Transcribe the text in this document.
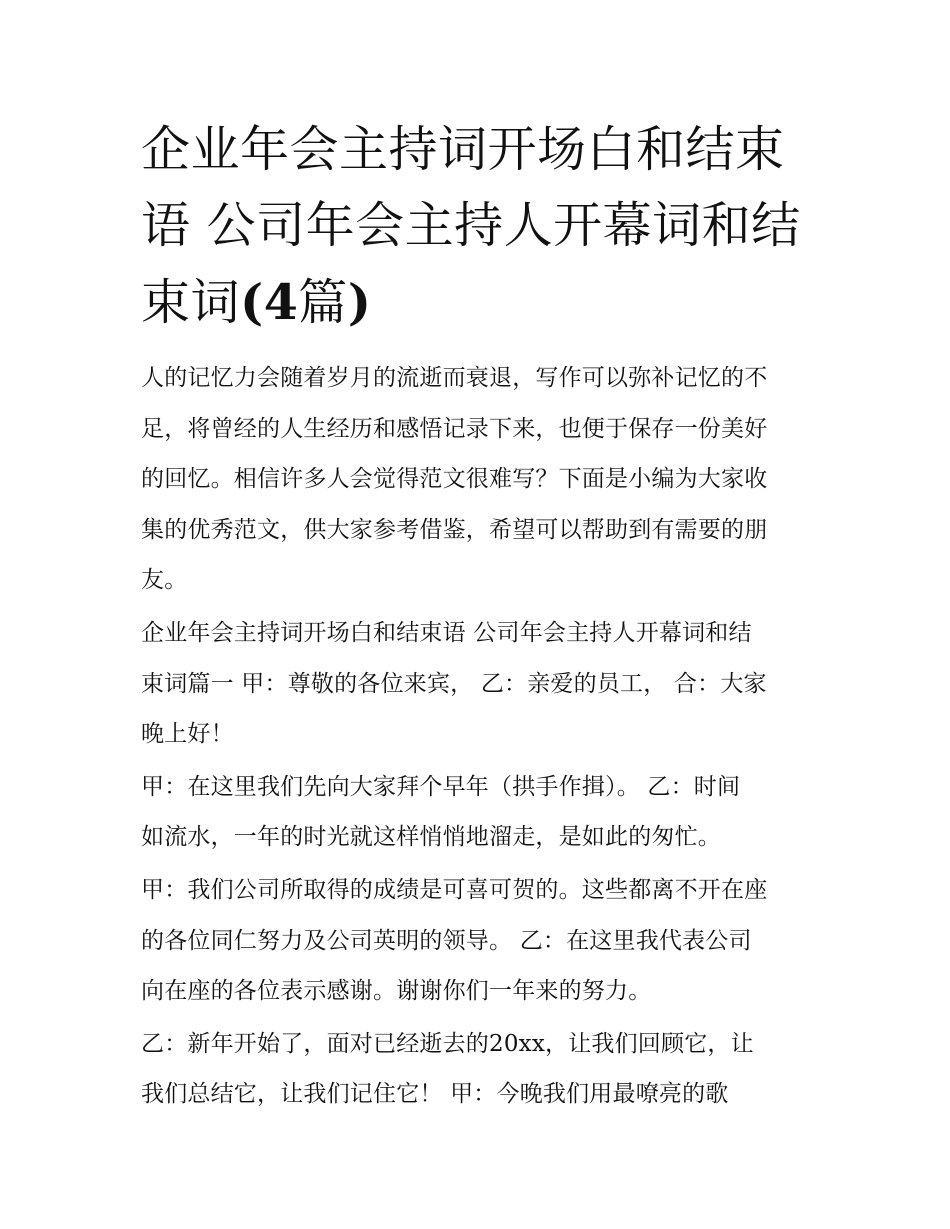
企业年会主持词开场白和结束
语 公司年会主持人开幕词和结
束词(4篇)

人的记忆力会随着岁月的流逝而衰退，写作可以弥补记忆的不
足，将曾经的人生经历和感悟记录下来，也便于保存一份美好
的回忆。相信许多人会觉得范文很难写？下面是小编为大家收
集的优秀范文，供大家参考借鉴，希望可以帮助到有需要的朋
友。

企业年会主持词开场白和结束语 公司年会主持人开幕词和结
束词篇一 甲：尊敬的各位来宾， 乙：亲爱的员工， 合：大家
晚上好！

甲：在这里我们先向大家拜个早年（拱手作揖）。 乙：时间
如流水，一年的时光就这样悄悄地溜走，是如此的匆忙。

甲：我们公司所取得的成绩是可喜可贺的。这些都离不开在座
的各位同仁努力及公司英明的领导。 乙：在这里我代表公司
向在座的各位表示感谢。谢谢你们一年来的努力。

乙：新年开始了，面对已经逝去的20xx，让我们回顾它，让
我们总结它，让我们记住它！ 甲：今晚我们用最嘹亮的歌
